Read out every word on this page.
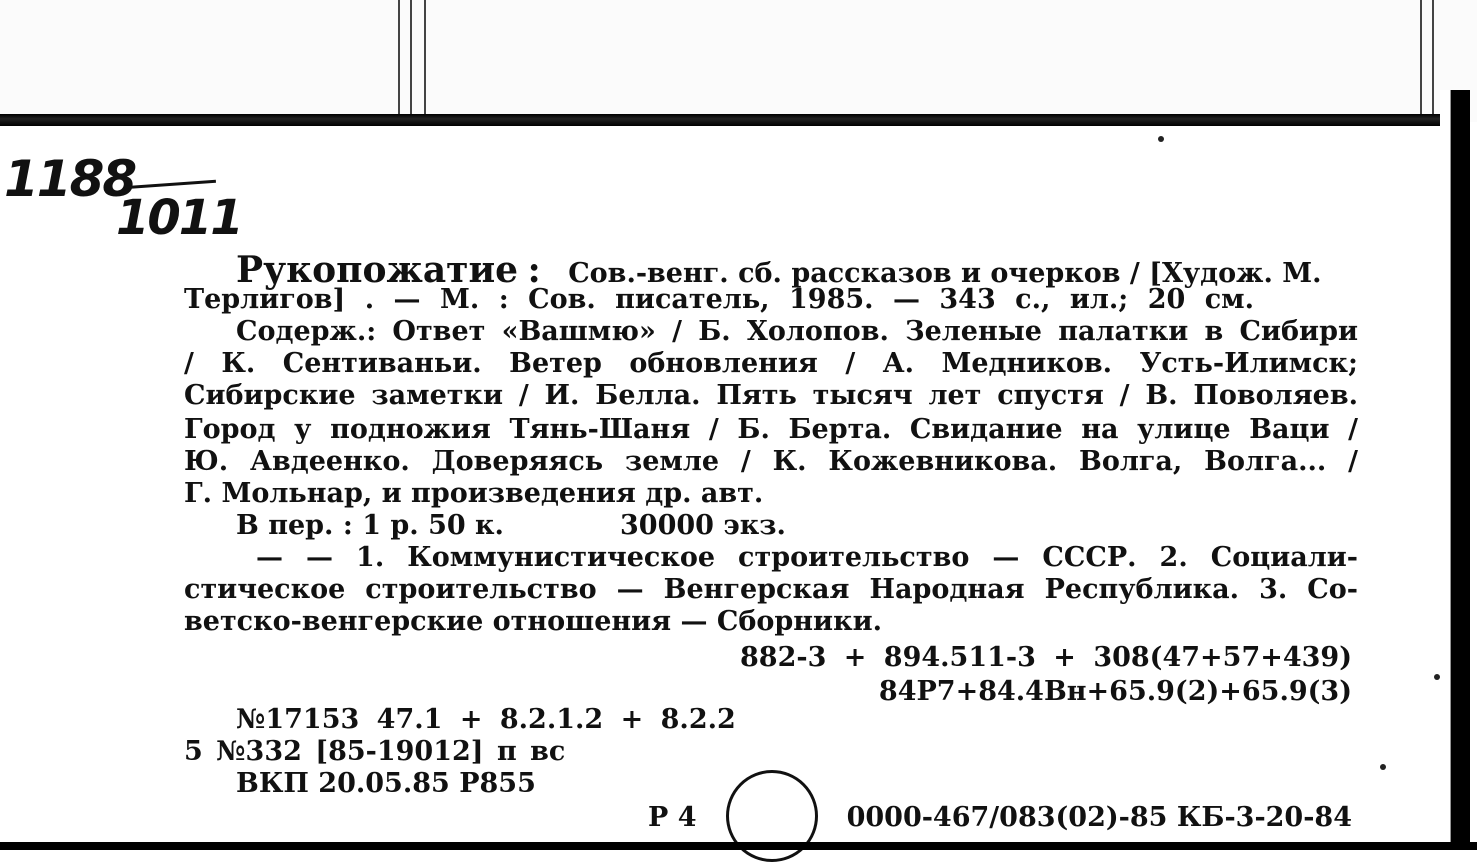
1188
1011
Рукопожатие : Сов.-венг. сб. рассказов и очерков / [Худож. М.
Терлигов] . — М. : Сов. писатель, 1985. — 343 с., ил.; 20 см.
Содерж.: Ответ «Вашмю» / Б. Холопов. Зеленые палатки в Сибири
/ К. Сентиваньи. Ветер обновления / А. Медников. Усть-Илимск;
Сибирские заметки / И. Белла. Пять тысяч лет спустя / В. Поволяев.
Город у подножия Тянь-Шаня / Б. Берта. Свидание на улице Ваци /
Ю. Авдеенко. Доверяясь земле / К. Кожевникова. Волга, Волга... /
Г. Мольнар, и произведения др. авт.
В пер. : 1 р. 50 к.	30000 экз.
— — 1. Коммунистическое строительство — СССР. 2. Социали-
стическое строительство — Венгерская Народная Республика. 3. Со-
ветско-венгерские отношения — Сборники.
882-3 + 894.511-3 + 308(47+57+439)
84Р7+84.4Вн+65.9(2)+65.9(3)
№17153 47.1 + 8.2.1.2 + 8.2.2
5 №332 [85-19012] п вс
ВКП 20.05.85 Р855
Р 4	0000-467/083(02)-85 КБ-3-20-84
